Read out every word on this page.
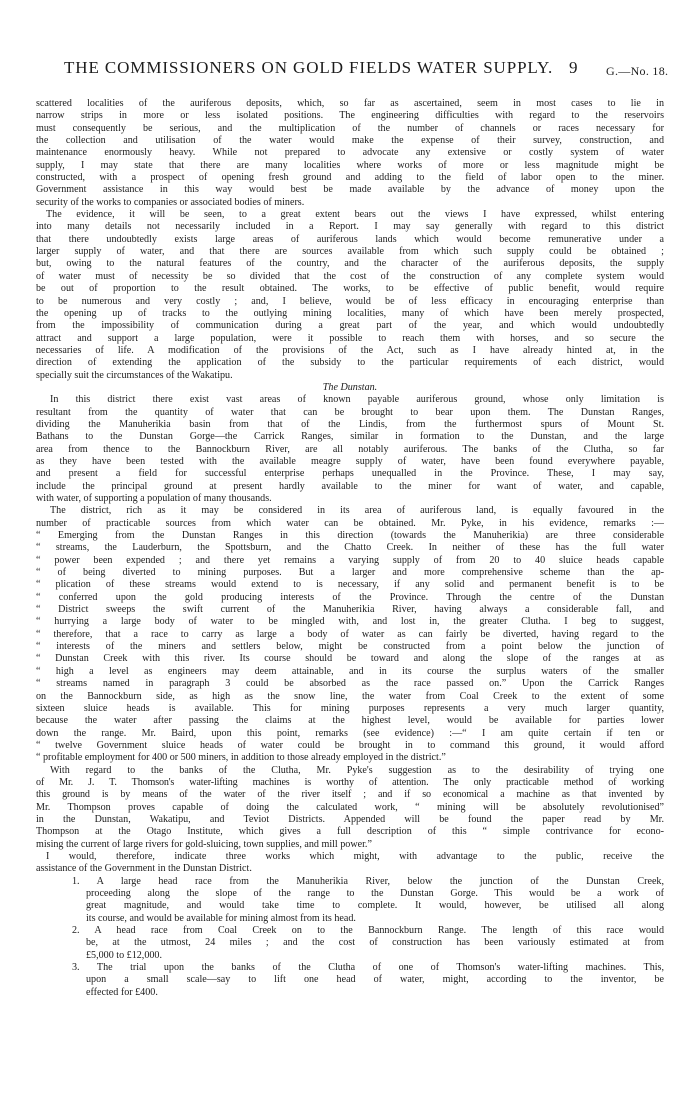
THE COMMISSIONERS ON GOLD FIELDS WATER SUPPLY. 9 G.—No. 18.
scattered localities of the auriferous deposits, which, so far as ascertained, seem in most cases to lie in
narrow strips in more or less isolated positions. The engineering difficulties with regard to the reservoirs
must consequently be serious, and the multiplication of the number of channels or races necessary for
the collection and utilisation of the water would make the expense of their survey, construction, and
maintenance enormously heavy. While not prepared to advocate any extensive or costly system of water
supply, I may state that there are many localities where works of more or less magnitude might be
constructed, with a prospect of opening fresh ground and adding to the field of labor open to the miner.
Government assistance in this way would best be made available by the advance of money upon the
security of the works to companies or associated bodies of miners.
The evidence, it will be seen, to a great extent bears out the views I have expressed, whilst entering
into many details not necessarily included in a Report. I may say generally with regard to this district
that there undoubtedly exists large areas of auriferous lands which would become remunerative under a
larger supply of water, and that there are sources available from which such supply could be obtained ;
but, owing to the natural features of the country, and the character of the auriferous deposits, the supply
of water must of necessity be so divided that the cost of the construction of any complete system would
be out of proportion to the result obtained. The works, to be effective of public benefit, would require
to be numerous and very costly ; and, I believe, would be of less efficacy in encouraging enterprise than
the opening up of tracks to the outlying mining localities, many of which have been merely prospected,
from the impossibility of communication during a great part of the year, and which would undoubtedly
attract and support a large population, were it possible to reach them with horses, and so secure the
necessaries of life. A modification of the provisions of the Act, such as I have already hinted at, in the
direction of extending the application of the subsidy to the particular requirements of each district, would
specially suit the circumstances of the Wakatipu.
The Dunstan.
In this district there exist vast areas of known payable auriferous ground, whose only limitation is
resultant from the quantity of water that can be brought to bear upon them. The Dunstan Ranges,
dividing the Manuherikia basin from that of the Lindis, from the furthermost spurs of Mount St.
Bathans to the Dunstan Gorge—the Carrick Ranges, similar in formation to the Dunstan, and the large
area from thence to the Bannockburn River, are all notably auriferous. The banks of the Clutha, so far
as they have been tested with the available meagre supply of water, have been found everywhere payable,
and present a field for successful enterprise perhaps unequalled in the Province. These, I may say,
include the principal ground at present hardly available to the miner for want of water, and capable,
with water, of supporting a population of many thousands.
The district, rich as it may be considered in its area of auriferous land, is equally favoured in the
number of practicable sources from which water can be obtained. Mr. Pyke, in his evidence, remarks :—
“ Emerging from the Dunstan Ranges in this direction (towards the Manuherikia) are three considerable
“ streams, the Lauderburn, the Spottsburn, and the Chatto Creek. In neither of these has the full water
“ power been expended ; and there yet remains a varying supply of from 20 to 40 sluice heads capable
“ of being diverted to mining purposes. But a larger and more comprehensive scheme than the ap-
“ plication of these streams would extend to is necessary, if any solid and permanent benefit is to be
“ conferred upon the gold producing interests of the Province. Through the centre of the Dunstan
“ District sweeps the swift current of the Manuherikia River, having always a considerable fall, and
“ hurrying a large body of water to be mingled with, and lost in, the greater Clutha. I beg to suggest,
“ therefore, that a race to carry as large a body of water as can fairly be diverted, having regard to the
“ interests of the miners and settlers below, might be constructed from a point below the junction of
“ Dunstan Creek with this river. Its course should be toward and along the slope of the ranges at as
“ high a level as engineers may deem attainable, and in its course the surplus waters of the smaller
“ streams named in paragraph 3 could be absorbed as the race passed on.” Upon the Carrick Ranges
on the Bannockburn side, as high as the snow line, the water from Coal Creek to the extent of some
sixteen sluice heads is available. This for mining purposes represents a very much larger quantity,
because the water after passing the claims at the highest level, would be available for parties lower
down the range. Mr. Baird, upon this point, remarks (see evidence) :—“ I am quite certain if ten or
“ twelve Government sluice heads of water could be brought in to command this ground, it would afford
“ profitable employment for 400 or 500 miners, in addition to those already employed in the district.”
With regard to the banks of the Clutha, Mr. Pyke's suggestion as to the desirability of trying one
of Mr. J. T. Thomson's water-lifting machines is worthy of attention. The only practicable method of working
this ground is by means of the water of the river itself ; and if so economical a machine as that invented by
Mr. Thompson proves capable of doing the calculated work, “ mining will be absolutely revolutionised”
in the Dunstan, Wakatipu, and Teviot Districts. Appended will be found the paper read by Mr.
Thompson at the Otago Institute, which gives a full description of this “ simple contrivance for econo-
mising the current of large rivers for gold-sluicing, town supplies, and mill power.”
I would, therefore, indicate three works which might, with advantage to the public, receive the
assistance of the Government in the Dunstan District.
1. A large head race from the Manuherikia River, below the junction of the Dunstan Creek,
proceeding along the slope of the range to the Dunstan Gorge. This would be a work of
great magnitude, and would take time to complete. It would, however, be utilised all along
its course, and would be available for mining almost from its head.
2. A head race from Coal Creek on to the Bannockburn Range. The length of this race would
be, at the utmost, 24 miles ; and the cost of construction has been variously estimated at from
£5,000 to £12,000.
3. The trial upon the banks of the Clutha of one of Thomson's water-lifting machines. This,
upon a small scale—say to lift one head of water, might, according to the inventor, be
effected for £400.
